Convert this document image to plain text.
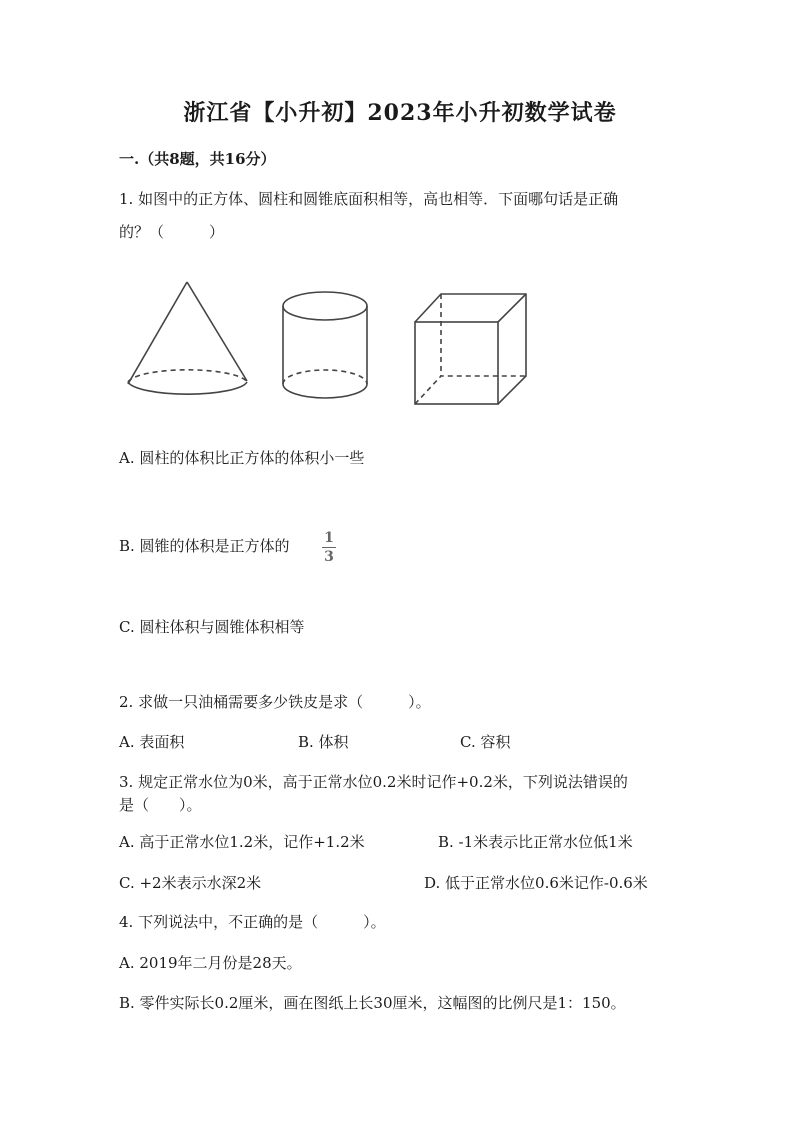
浙江省【小升初】2023年小升初数学试卷
一.（共8题，共16分）
1. 如图中的正方体、圆柱和圆锥底面积相等，高也相等．下面哪句话是正确
的？（　　　）
A. 圆柱的体积比正方体的体积小一些
B. 圆锥的体积是正方体的 1
3
C. 圆柱体积与圆锥体积相等
2. 求做一只油桶需要多少铁皮是求（　　　）。
A. 表面积	B. 体积	C. 容积
3. 规定正常水位为0米，高于正常水位0.2米时记作+0.2米，下列说法错误的
是（　　）。
A. 高于正常水位1.2米，记作+1.2米	B. -1米表示比正常水位低1米
C. +2米表示水深2米	D. 低于正常水位0.6米记作-0.6米
4. 下列说法中，不正确的是（　　　）。
A. 2019年二月份是28天。
B. 零件实际长0.2厘米，画在图纸上长30厘米，这幅图的比例尺是1：150。
